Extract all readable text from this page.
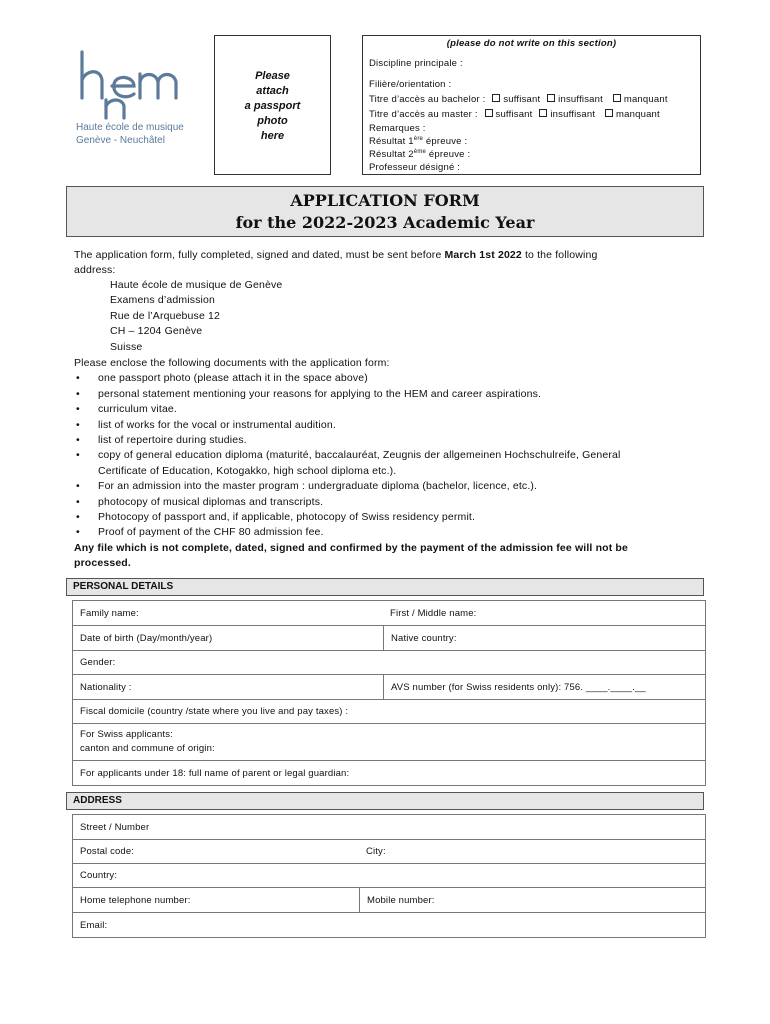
Haute école de musique
Genève - Neuchâtel
Please
attach
a passport
photo
here
(please do not write on this section)
Discipline principale :
Filière/orientation :
Titre d’accès au bachelor : suffisant insuffisant manquant
Titre d’accès au master : suffisant insuffisant manquant
Remarques :
Résultat 1ère épreuve :
Résultat 2ème épreuve :
Professeur désigné :
APPLICATION FORM
for the 2022-2023 Academic Year
The application form, fully completed, signed and dated, must be sent before March 1st 2022 to the following
address:
Haute école de musique de Genève
Examens d’admission
Rue de l’Arquebuse 12
CH – 1204 Genève
Suisse
Please enclose the following documents with the application form:
• one passport photo (please attach it in the space above)
• personal statement mentioning your reasons for applying to the HEM and career aspirations.
• curriculum vitae.
• list of works for the vocal or instrumental audition.
• list of repertoire during studies.
• copy of general education diploma (maturité, baccalauréat, Zeugnis der allgemeinen Hochschulreife, General
Certificate of Education, Kotogakko, high school diploma etc.).
• For an admission into the master program : undergraduate diploma (bachelor, licence, etc.).
• photocopy of musical diplomas and transcripts.
• Photocopy of passport and, if applicable, photocopy of Swiss residency permit.
• Proof of payment of the CHF 80 admission fee.
Any file which is not complete, dated, signed and confirmed by the payment of the admission fee will not be
processed.
PERSONAL DETAILS
Family name:	First / Middle name:
Date of birth (Day/month/year)	Native country:
Gender:
Nationality :	AVS number (for Swiss residents only): 756. ____.____.__
Fiscal domicile (country /state where you live and pay taxes) :
For Swiss applicants:
canton and commune of origin:
For applicants under 18: full name of parent or legal guardian:
ADDRESS
Street / Number
Postal code:	City:
Country:
Home telephone number:	Mobile number:
Email:
